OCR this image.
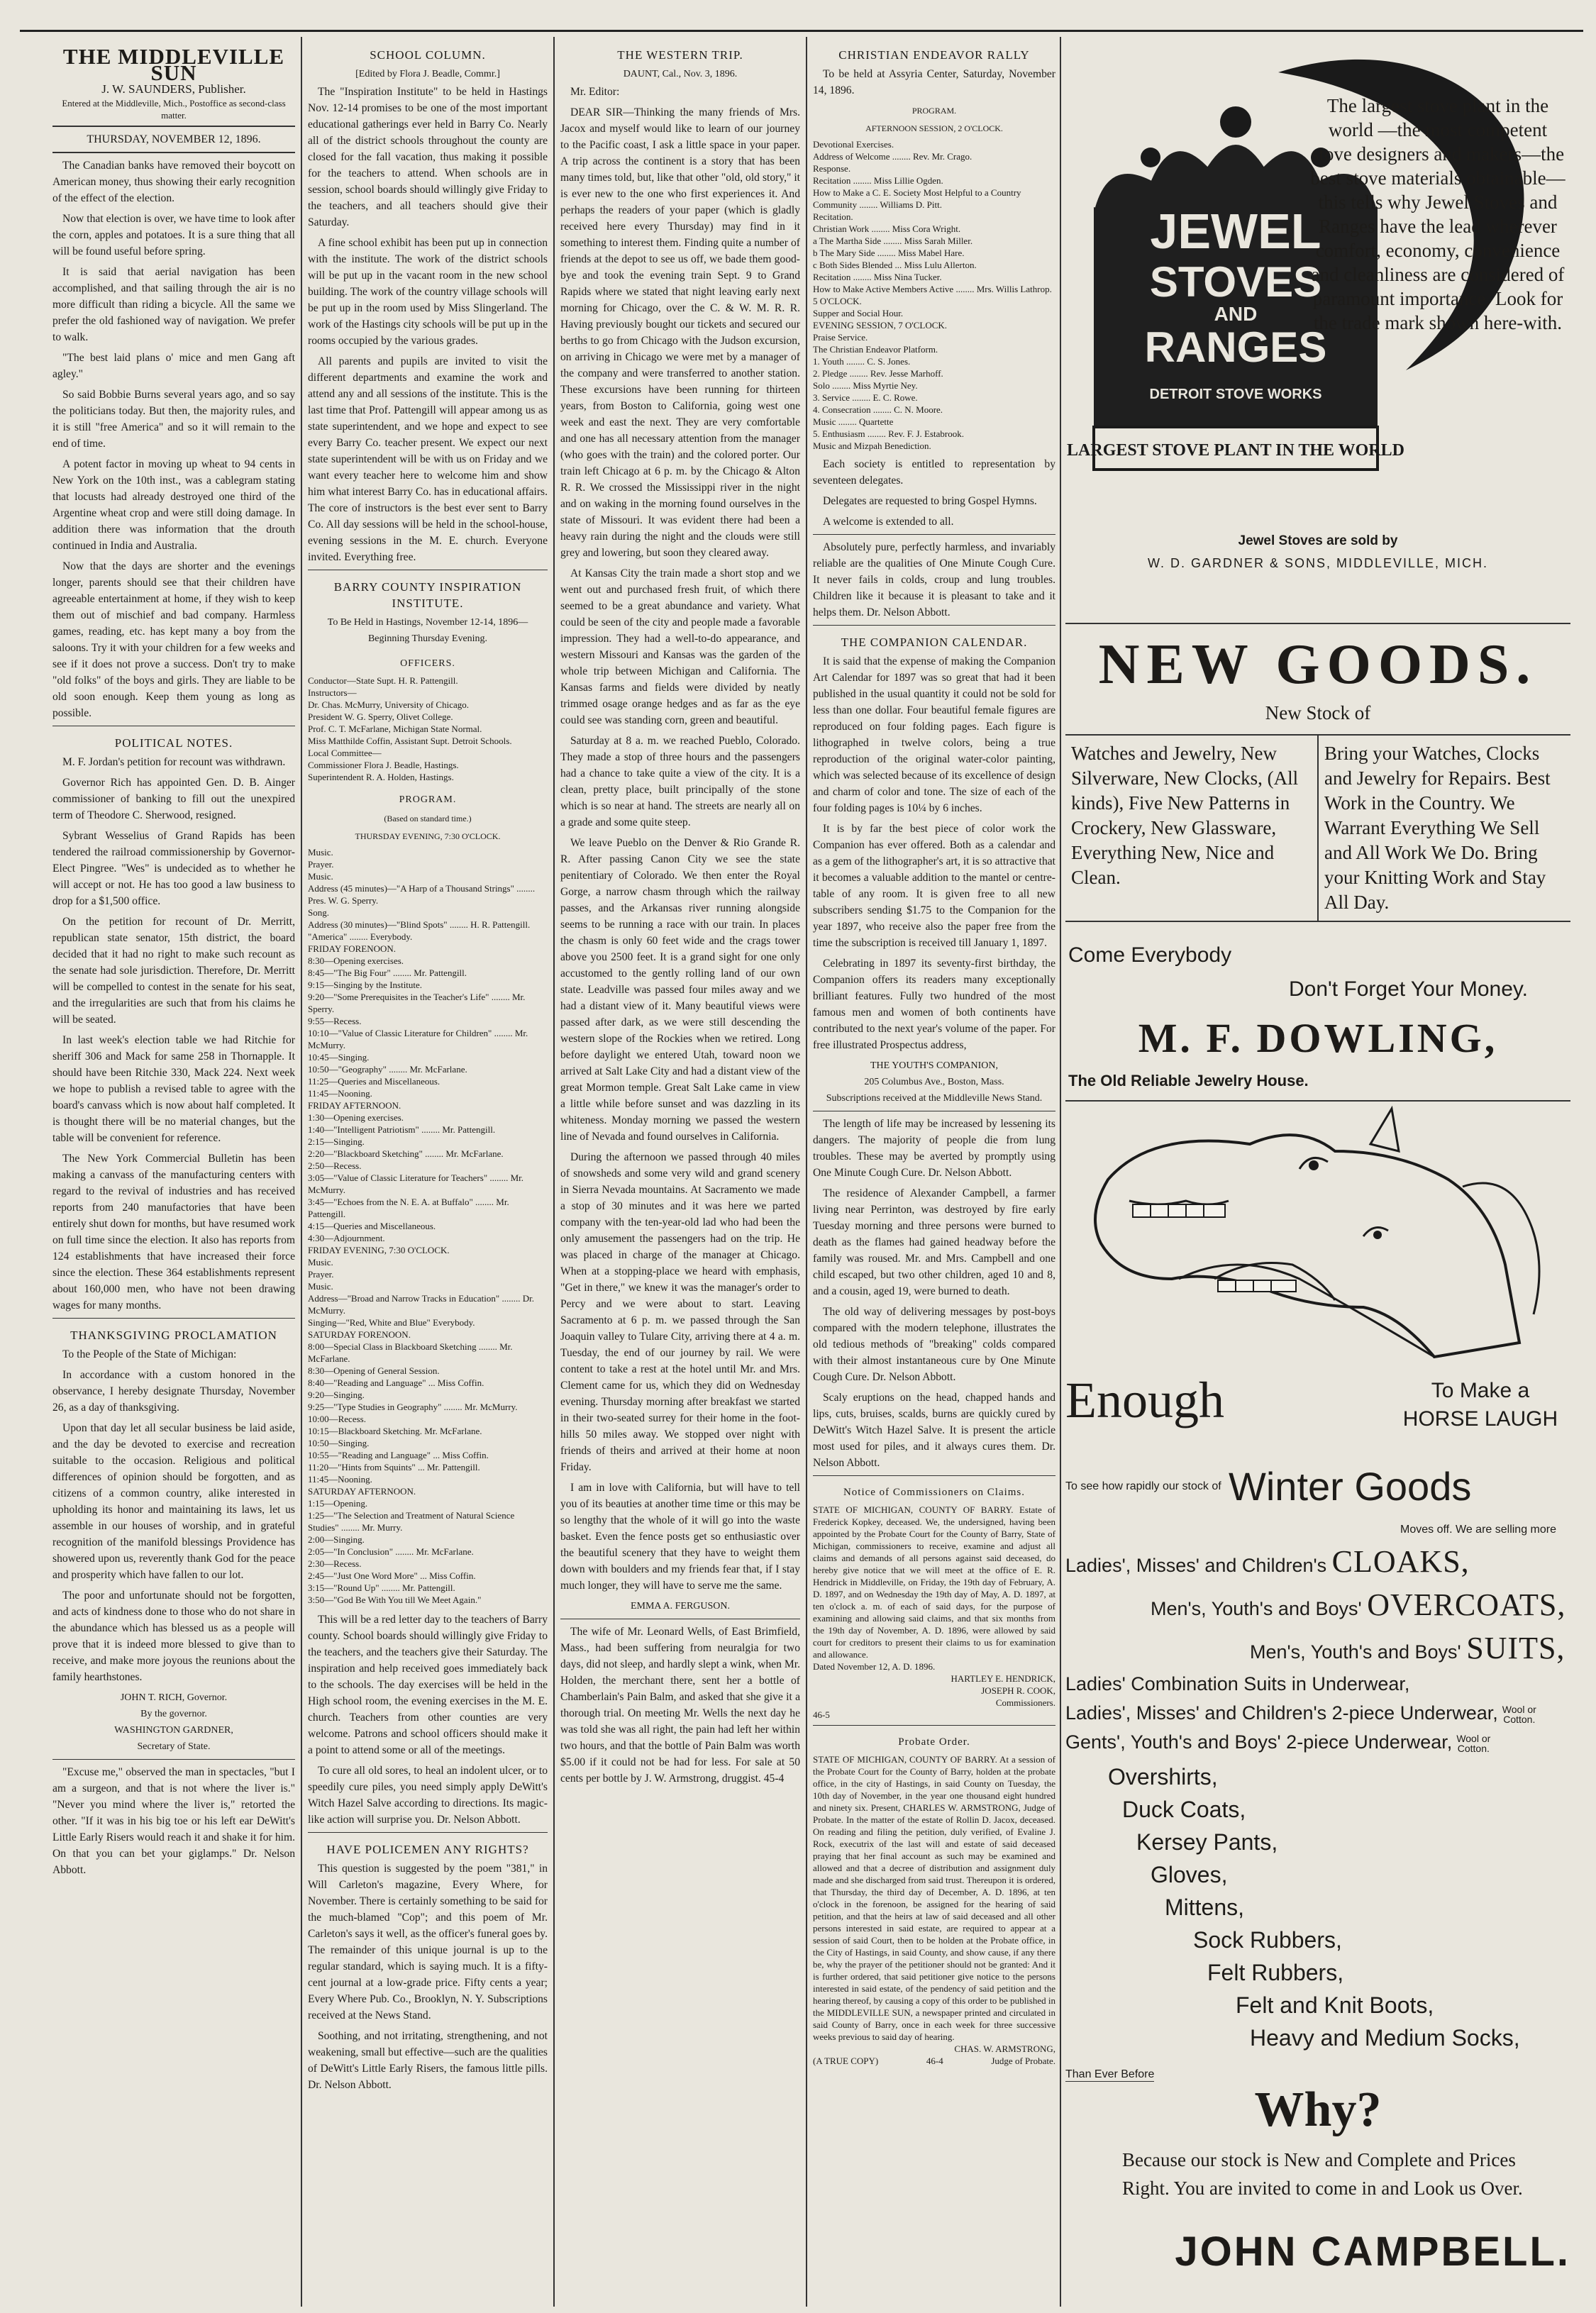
THE MIDDLEVILLE SUN
J. W. SAUNDERS, Publisher.
Entered at the Middleville, Mich., Postoffice as second-class matter.
THURSDAY, NOVEMBER 12, 1896.

The Canadian banks have removed their boycott on American money, thus showing their early recognition of the effect of the election.

Now that election is over, we have time to look after the corn, apples and potatoes. It is a sure thing that all will be found useful before spring.

It is said that aerial navigation has been accomplished, and that sailing through the air is no more difficult than riding a bicycle. All the same we prefer the old fashioned way of navigation. We prefer to walk.

"The best laid plans o' mice and men Gang aft agley."

So said Bobbie Burns several years ago, and so say the politicians today. But then, the majority rules, and it is still "free America" and so it will remain to the end of time.

A potent factor in moving up wheat to 94 cents in New York on the 10th inst., was a cablegram stating that locusts had already destroyed one third of the Argentine wheat crop and were still doing damage. In addition there was information that the drouth continued in India and Australia.

Now that the days are shorter and the evenings longer, parents should see that their children have agreeable entertainment at home, if they wish to keep them out of mischief and bad company. Harmless games, reading, etc. has kept many a boy from the saloons. Try it with your children for a few weeks and see if it does not prove a success. Don't try to make "old folks" of the boys and girls. They are liable to be old soon enough. Keep them young as long as possible.

POLITICAL NOTES.

M. F. Jordan's petition for recount was withdrawn.

Governor Rich has appointed Gen. D. B. Ainger commissioner of banking to fill out the unexpired term of Theodore C. Sherwood, resigned.

Sybrant Wesselius of Grand Rapids has been tendered the railroad commissionership by Governor-Elect Pingree. "Wes" is undecided as to whether he will accept or not. He has too good a law business to drop for a $1,500 office.

On the petition for recount of Dr. Merritt, republican state senator, 15th district, the board decided that it had no right to make such recount as the senate had sole jurisdiction. Therefore, Dr. Merritt will be compelled to contest in the senate for his seat, and the irregularities are such that from his claims he will be seated.

In last week's election table we had Ritchie for sheriff 306 and Mack for same 258 in Thornapple. It should have been Ritchie 330, Mack 224. Next week we hope to publish a revised table to agree with the board's canvass which is now about half completed. It is thought there will be no material changes, but the table will be convenient for reference.

The New York Commercial Bulletin has been making a canvass of the manufacturing centers with regard to the revival of industries and has received reports from 240 manufactories that have been entirely shut down for months, but have resumed work on full time since the election. It also has reports from 124 establishments that have increased their force since the election. These 364 establishments represent about 160,000 men, who have not been drawing wages for many months.

THANKSGIVING PROCLAMATION

To the People of the State of Michigan:

In accordance with a custom honored in the observance, I hereby designate Thursday, November 26, as a day of thanksgiving.

Upon that day let all secular business be laid aside, and the day be devoted to exercise and recreation suitable to the occasion. Religious and political differences of opinion should be forgotten, and as citizens of a common country, alike interested in upholding its honor and maintaining its laws, let us assemble in our houses of worship, and in grateful recognition of the manifold blessings Providence has showered upon us, reverently thank God for the peace and prosperity which have fallen to our lot.

The poor and unfortunate should not be forgotten, and acts of kindness done to those who do not share in the abundance which has blessed us as a people will prove that it is indeed more blessed to give than to receive, and make more joyous the reunions about the family hearthstones.

JOHN T. RICH, Governor.
By the governor.
WASHINGTON GARDNER,
Secretary of State.

"Excuse me," observed the man in spectacles, "but I am a surgeon, and that is not where the liver is." "Never you mind where the liver is," retorted the other. "If it was in his big toe or his left ear DeWitt's Little Early Risers would reach it and shake it for him. On that you can bet your giglamps." Dr. Nelson Abbott.

SCHOOL COLUMN.
[Edited by Flora J. Beadle, Commr.]

The "Inspiration Institute" to be held in Hastings Nov. 12-14 promises to be one of the most important educational gatherings ever held in Barry Co. Nearly all of the district schools throughout the county are closed for the fall vacation, thus making it possible for the teachers to attend. When schools are in session, school boards should willingly give Friday to the teachers, and all teachers should give their Saturday.

A fine school exhibit has been put up in connection with the institute. The work of the district schools will be put up in the vacant room in the new school building. The work of the country village schools will be put up in the room used by Miss Slingerland. The work of the Hastings city schools will be put up in the rooms occupied by the various grades.

All parents and pupils are invited to visit the different departments and examine the work and attend any and all sessions of the institute. This is the last time that Prof. Pattengill will appear among us as state superintendent, and we hope and expect to see every Barry Co. teacher present. We expect our next state superintendent will be with us on Friday and we want every teacher here to welcome him and show him what interest Barry Co. has in educational affairs. The core of instructors is the best ever sent to Barry Co. All day sessions will be held in the school-house, evening sessions in the M. E. church. Everyone invited. Everything free.

BARRY COUNTY INSPIRATION INSTITUTE.
To Be Held in Hastings, November 12-14, 1896—Beginning Thursday Evening.
OFFICERS.
Conductor—State Supt. H. R. Pattengill.
Instructors—
Dr. Chas. McMurry, University of Chicago.
President W. G. Sperry, Olivet College.
Prof. C. T. McFarlane, Michigan State Normal.
Miss Matthilde Coffin, Assistant Supt. Detroit Schools.
Local Committee—
Commissioner Flora J. Beadle, Hastings.
Superintendent R. A. Holden, Hastings.
PROGRAM.
(Based on standard time.)
THURSDAY EVENING, 7:30 O'CLOCK.
Music.
Prayer.
Music.
Address (45 minutes)—"A Harp of a Thousand Strings" ........ Pres. W. G. Sperry.
Song.
Address (30 minutes)—"Blind Spots" ........ H. R. Pattengill.
"America" ........ Everybody.
FRIDAY FORENOON.
8:30—Opening exercises.
8:45—"The Big Four" ........ Mr. Pattengill.
9:15—Singing by the Institute.
9:20—"Some Prerequisites in the Teacher's Life" ........ Mr. Sperry.
9:55—Recess.
10:10—"Value of Classic Literature for Children" ........ Mr. McMurry.
10:45—Singing.
10:50—"Geography" ........ Mr. McFarlane.
11:25—Queries and Miscellaneous.
11:45—Nooning.
FRIDAY AFTERNOON.
1:30—Opening exercises.
1:40—"Intelligent Patriotism" ........ Mr. Pattengill.
2:15—Singing.
2:20—"Blackboard Sketching" ........ Mr. McFarlane.
2:50—Recess.
3:05—"Value of Classic Literature for Teachers" ........ Mr. McMurry.
3:45—"Echoes from the N. E. A. at Buffalo" ........ Mr. Pattengill.
4:15—Queries and Miscellaneous.
4:30—Adjournment.
FRIDAY EVENING, 7:30 O'CLOCK.
Music.
Prayer.
Music.
Address—"Broad and Narrow Tracks in Education" ........ Dr. McMurry.
Singing—"Red, White and Blue" Everybody.
SATURDAY FORENOON.
8:00—Special Class in Blackboard Sketching ........ Mr. McFarlane.
8:30—Opening of General Session.
8:40—"Reading and Language" ... Miss Coffin.
9:20—Singing.
9:25—"Type Studies in Geography" ........ Mr. McMurry.
10:00—Recess.
10:15—Blackboard Sketching. Mr. McFarlane.
10:50—Singing.
10:55—"Reading and Language" ... Miss Coffin.
11:20—"Hints from Squints" ... Mr. Pattengill.
11:45—Nooning.
SATURDAY AFTERNOON.
1:15—Opening.
1:25—"The Selection and Treatment of Natural Science Studies" ........ Mr. Murry.
2:00—Singing.
2:05—"In Conclusion" ........ Mr. McFarlane.
2:30—Recess.
2:45—"Just One Word More" ... Miss Coffin.
3:15—"Round Up" ........ Mr. Pattengill.
3:50—"God Be With You till We Meet Again."

This will be a red letter day to the teachers of Barry county. School boards should willingly give Friday to the teachers, and the teachers give their Saturday. The inspiration and help received goes immediately back to the schools. The day exercises will be held in the High school room, the evening exercises in the M. E. church. Teachers from other counties are very welcome. Patrons and school officers should make it a point to attend some or all of the meetings.

To cure all old sores, to heal an indolent ulcer, or to speedily cure piles, you need simply apply DeWitt's Witch Hazel Salve according to directions. Its magic-like action will surprise you. Dr. Nelson Abbott.

HAVE POLICEMEN ANY RIGHTS?

This question is suggested by the poem "381," in Will Carleton's magazine, Every Where, for November. There is certainly something to be said for the much-blamed "Cop"; and this poem of Mr. Carleton's says it well, as the officer's funeral goes by. The remainder of this unique journal is up to the regular standard, which is saying much. It is a fifty-cent journal at a low-grade price. Fifty cents a year; Every Where Pub. Co., Brooklyn, N. Y. Subscriptions received at the News Stand.

Soothing, and not irritating, strengthening, and not weakening, small but effective—such are the qualities of DeWitt's Little Early Risers, the famous little pills. Dr. Nelson Abbott.

THE WESTERN TRIP.
DAUNT, Cal., Nov. 3, 1896.

Mr. Editor:

DEAR SIR—Thinking the many friends of Mrs. Jacox and myself would like to learn of our journey to the Pacific coast, I ask a little space in your paper. A trip across the continent is a story that has been many times told, but, like that other "old, old story," it is ever new to the one who first experiences it. And perhaps the readers of your paper (which is gladly received here every Thursday) may find in it something to interest them. Finding quite a number of friends at the depot to see us off, we bade them good-bye and took the evening train Sept. 9 to Grand Rapids where we stated that night leaving early next morning for Chicago, over the C. & W. M. R. R. Having previously bought our tickets and secured our berths to go from Chicago with the Judson excursion, on arriving in Chicago we were met by a manager of the company and were transferred to another station. These excursions have been running for thirteen years, from Boston to California, going west one week and east the next. They are very comfortable and one has all necessary attention from the manager (who goes with the train) and the colored porter. Our train left Chicago at 6 p. m. by the Chicago & Alton R. R. We crossed the Mississippi river in the night and on waking in the morning found ourselves in the state of Missouri. It was evident there had been a heavy rain during the night and the clouds were still grey and lowering, but soon they cleared away.

At Kansas City the train made a short stop and we went out and purchased fresh fruit, of which there seemed to be a great abundance and variety. What could be seen of the city and people made a favorable impression. They had a well-to-do appearance, and western Missouri and Kansas was the garden of the whole trip between Michigan and California. The Kansas farms and fields were divided by neatly trimmed osage orange hedges and as far as the eye could see was standing corn, green and beautiful.

Saturday at 8 a. m. we reached Pueblo, Colorado. They made a stop of three hours and the passengers had a chance to take quite a view of the city. It is a clean, pretty place, built principally of the stone which is so near at hand. The streets are nearly all on a grade and some quite steep.

We leave Pueblo on the Denver & Rio Grande R. R. After passing Canon City we see the state penitentiary of Colorado. We then enter the Royal Gorge, a narrow chasm through which the railway passes, and the Arkansas river running alongside seems to be running a race with our train. In places the chasm is only 60 feet wide and the crags tower above you 2500 feet. It is a grand sight for one only accustomed to the gently rolling land of our own state. Leadville was passed four miles away and we had a distant view of it. Many beautiful views were passed after dark, as we were still descending the western slope of the Rockies when we retired. Long before daylight we entered Utah, toward noon we arrived at Salt Lake City and had a distant view of the great Mormon temple. Great Salt Lake came in view a little while before sunset and was dazzling in its whiteness. Monday morning we passed the western line of Nevada and found ourselves in California.

During the afternoon we passed through 40 miles of snowsheds and some very wild and grand scenery in Sierra Nevada mountains. At Sacramento we made a stop of 30 minutes and it was here we parted company with the ten-year-old lad who had been the only amusement the passengers had on the trip. He was placed in charge of the manager at Chicago. When at a stopping-place we heard with emphasis, "Get in there," we knew it was the manager's order to Percy and we were about to start. Leaving Sacramento at 6 p. m. we passed through the San Joaquin valley to Tulare City, arriving there at 4 a. m. Tuesday, the end of our journey by rail. We were content to take a rest at the hotel until Mr. and Mrs. Clement came for us, which they did on Wednesday evening. Thursday morning after breakfast we started in their two-seated surrey for their home in the foot-hills 50 miles away. We stopped over night with friends of theirs and arrived at their home at noon Friday.

I am in love with California, but will have to tell you of its beauties at another time time or this may be so lengthy that the whole of it will go into the waste basket. Even the fence posts get so enthusiastic over the beautiful scenery that they have to weight them down with boulders and my friends fear that, if I stay much longer, they will have to serve me the same.

EMMA A. FERGUSON.

The wife of Mr. Leonard Wells, of East Brimfield, Mass., had been suffering from neuralgia for two days, did not sleep, and hardly slept a wink, when Mr. Holden, the merchant there, sent her a bottle of Chamberlain's Pain Balm, and asked that she give it a thorough trial. On meeting Mr. Wells the next day he was told she was all right, the pain had left her within two hours, and that the bottle of Pain Balm was worth $5.00 if it could not be had for less. For sale at 50 cents per bottle by J. W. Armstrong, druggist. 45-4

CHRISTIAN ENDEAVOR RALLY

To be held at Assyria Center, Saturday, November 14, 1896.

PROGRAM.
AFTERNOON SESSION, 2 O'CLOCK.
Devotional Exercises.
Address of Welcome ........ Rev. Mr. Crago.
Response.
Recitation ........ Miss Lillie Ogden.
How to Make a C. E. Society Most Helpful to a Country Community ........ Williams D. Pitt.
Recitation.
Christian Work ........ Miss Cora Wright.
a The Martha Side ........ Miss Sarah Miller.
b The Mary Side ........ Miss Mabel Hare.
c Both Sides Blended ... Miss Lulu Allerton.
Recitation ........ Miss Nina Tucker.
How to Make Active Members Active ........ Mrs. Willis Lathrop.
5 O'CLOCK.
Supper and Social Hour.
EVENING SESSION, 7 O'CLOCK.
Praise Service.
The Christian Endeavor Platform.
1. Youth ........ C. S. Jones.
2. Pledge ........ Rev. Jesse Marhoff.
Solo ........ Miss Myrtie Ney.
3. Service ........ E. C. Rowe.
4. Consecration ........ C. N. Moore.
Music ........ Quartette
5. Enthusiasm ........ Rev. F. J. Estabrook.
Music and Mizpah Benediction.

Each society is entitled to representation by seventeen delegates.

Delegates are requested to bring Gospel Hymns.

A welcome is extended to all.

Absolutely pure, perfectly harmless, and invariably reliable are the qualities of One Minute Cough Cure. It never fails in colds, croup and lung troubles. Children like it because it is pleasant to take and it helps them. Dr. Nelson Abbott.

THE COMPANION CALENDAR.

It is said that the expense of making the Companion Art Calendar for 1897 was so great that had it been published in the usual quantity it could not be sold for less than one dollar. Four beautiful female figures are reproduced on four folding pages. Each figure is lithographed in twelve colors, being a true reproduction of the original water-color painting, which was selected because of its excellence of design and charm of color and tone. The size of each of the four folding pages is 10¼ by 6 inches.

It is by far the best piece of color work the Companion has ever offered. Both as a calendar and as a gem of the lithographer's art, it is so attractive that it becomes a valuable addition to the mantel or centre-table of any room. It is given free to all new subscribers sending $1.75 to the Companion for the year 1897, who receive also the paper free from the time the subscription is received till January 1, 1897.

Celebrating in 1897 its seventy-first birthday, the Companion offers its readers many exceptionally brilliant features. Fully two hundred of the most famous men and women of both continents have contributed to the next year's volume of the paper. For free illustrated Prospectus address,

THE YOUTH'S COMPANION,
205 Columbus Ave., Boston, Mass.
Subscriptions received at the Middleville News Stand.

The length of life may be increased by lessening its dangers. The majority of people die from lung troubles. These may be averted by promptly using One Minute Cough Cure. Dr. Nelson Abbott.

The residence of Alexander Campbell, a farmer living near Perrinton, was destroyed by fire early Tuesday morning and three persons were burned to death as the flames had gained headway before the family was roused. Mr. and Mrs. Campbell and one child escaped, but two other children, aged 10 and 8, and a cousin, aged 19, were burned to death.

The old way of delivering messages by post-boys compared with the modern telephone, illustrates the old tedious methods of "breaking" colds compared with their almost instantaneous cure by One Minute Cough Cure. Dr. Nelson Abbott.

Scaly eruptions on the head, chapped hands and lips, cuts, bruises, scalds, burns are quickly cured by DeWitt's Witch Hazel Salve. It is present the article most used for piles, and it always cures them. Dr. Nelson Abbott.

Notice of Commissioners on Claims.
STATE OF MICHIGAN, COUNTY OF BARRY. Estate of Frederick Kopkey, deceased. We, the undersigned, having been appointed by the Probate Court for the County of Barry, State of Michigan, commissioners to receive, examine and adjust all claims and demands of all persons against said deceased, do hereby give notice that we will meet at the office of E. R. Hendrick in Middleville, on Friday, the 19th day of February, A. D. 1897, and on Wednesday the 19th day of May, A. D. 1897, at ten o'clock a. m. of each of said days, for the purpose of examining and allowing said claims, and that six months from the 19th day of November, A. D. 1896, were allowed by said court for creditors to present their claims to us for examination and allowance.
Dated November 12, A. D. 1896.
HARTLEY E. HENDRICK,
JOSEPH R. COOK,
Commissioners.
46-5
Probate Order.
STATE OF MICHIGAN, COUNTY OF BARRY. At a session of the Probate Court for the County of Barry, holden at the probate office, in the city of Hastings, in said County on Tuesday, the 10th day of November, in the year one thousand eight hundred and ninety six. Present, CHARLES W. ARMSTRONG, Judge of Probate. In the matter of the estate of Rollin D. Jacox, deceased. On reading and filing the petition, duly verified, of Evaline J. Rock, executrix of the last will and estate of said deceased praying that her final account as such may be examined and allowed and that a decree of distribution and assignment duly made and she discharged from said trust. Thereupon it is ordered, that Thursday, the third day of December, A. D. 1896, at ten o'clock in the forenoon, be assigned for the hearing of said petition, and that the heirs at law of said deceased and all other persons interested in said estate, are required to appear at a session of said Court, then to be holden at the Probate office, in the City of Hastings, in said County, and show cause, if any there be, why the prayer of the petitioner should not be granted: And it is further ordered, that said petitioner give notice to the persons interested in said estate, of the pendency of said petition and the hearing thereof, by causing a copy of this order to be published in the MIDDLEVILLE SUN, a newspaper printed and circulated in said County of Barry, once in each week for three successive weeks previous to said day of hearing.
CHAS. W. ARMSTRONG,
(A TRUE COPY)	46-4	Judge of Probate.
JEWEL
STOVES
AND
RANGES
DETROIT STOVE WORKS
LARGEST STOVE PLANT IN THE WORLD
The largest stove plant in the world —the most competent stove designers and makers—the best stove materials obtainable—this tells why Jewel Stoves and Ranges have the lead wherever comfort, economy, convenience and cleanliness are considered of paramount importance. Look for the trade mark shown here-with.
Jewel Stoves are sold by
W. D. GARDNER & SONS, MIDDLEVILLE, MICH.
NEW GOODS.
New Stock of
Watches and Jewelry, New Silverware, New Clocks, (All kinds), Five New Patterns in Crockery, New Glassware, Everything New, Nice and Clean.
Bring your Watches, Clocks and Jewelry for Repairs. Best Work in the Country. We Warrant Everything We Sell and All Work We Do. Bring your Knitting Work and Stay All Day.
Come Everybody
Don't Forget Your Money.
M. F. DOWLING,
The Old Reliable Jewelry House.
Enough	To Make a
HORSE LAUGH
To see how rapidly our stock of Winter Goods
Moves off. We are selling more
Ladies', Misses' and Children's CLOAKS,
Men's, Youth's and Boys' OVERCOATS,
Men's, Youth's and Boys' SUITS,
Ladies' Combination Suits in Underwear,
Ladies', Misses' and Children's 2-piece Underwear, Wool or
Cotton.
Gents', Youth's and Boys' 2-piece Underwear, Wool or
Cotton.
Overshirts,
Duck Coats,
Kersey Pants,
Gloves,
Mittens,
Sock Rubbers,
Felt Rubbers,
Felt and Knit Boots,
Heavy and Medium Socks,
Than Ever Before
Why?
Because our stock is New and Complete and Prices Right. You are invited to come in and Look us Over.
JOHN CAMPBELL.
